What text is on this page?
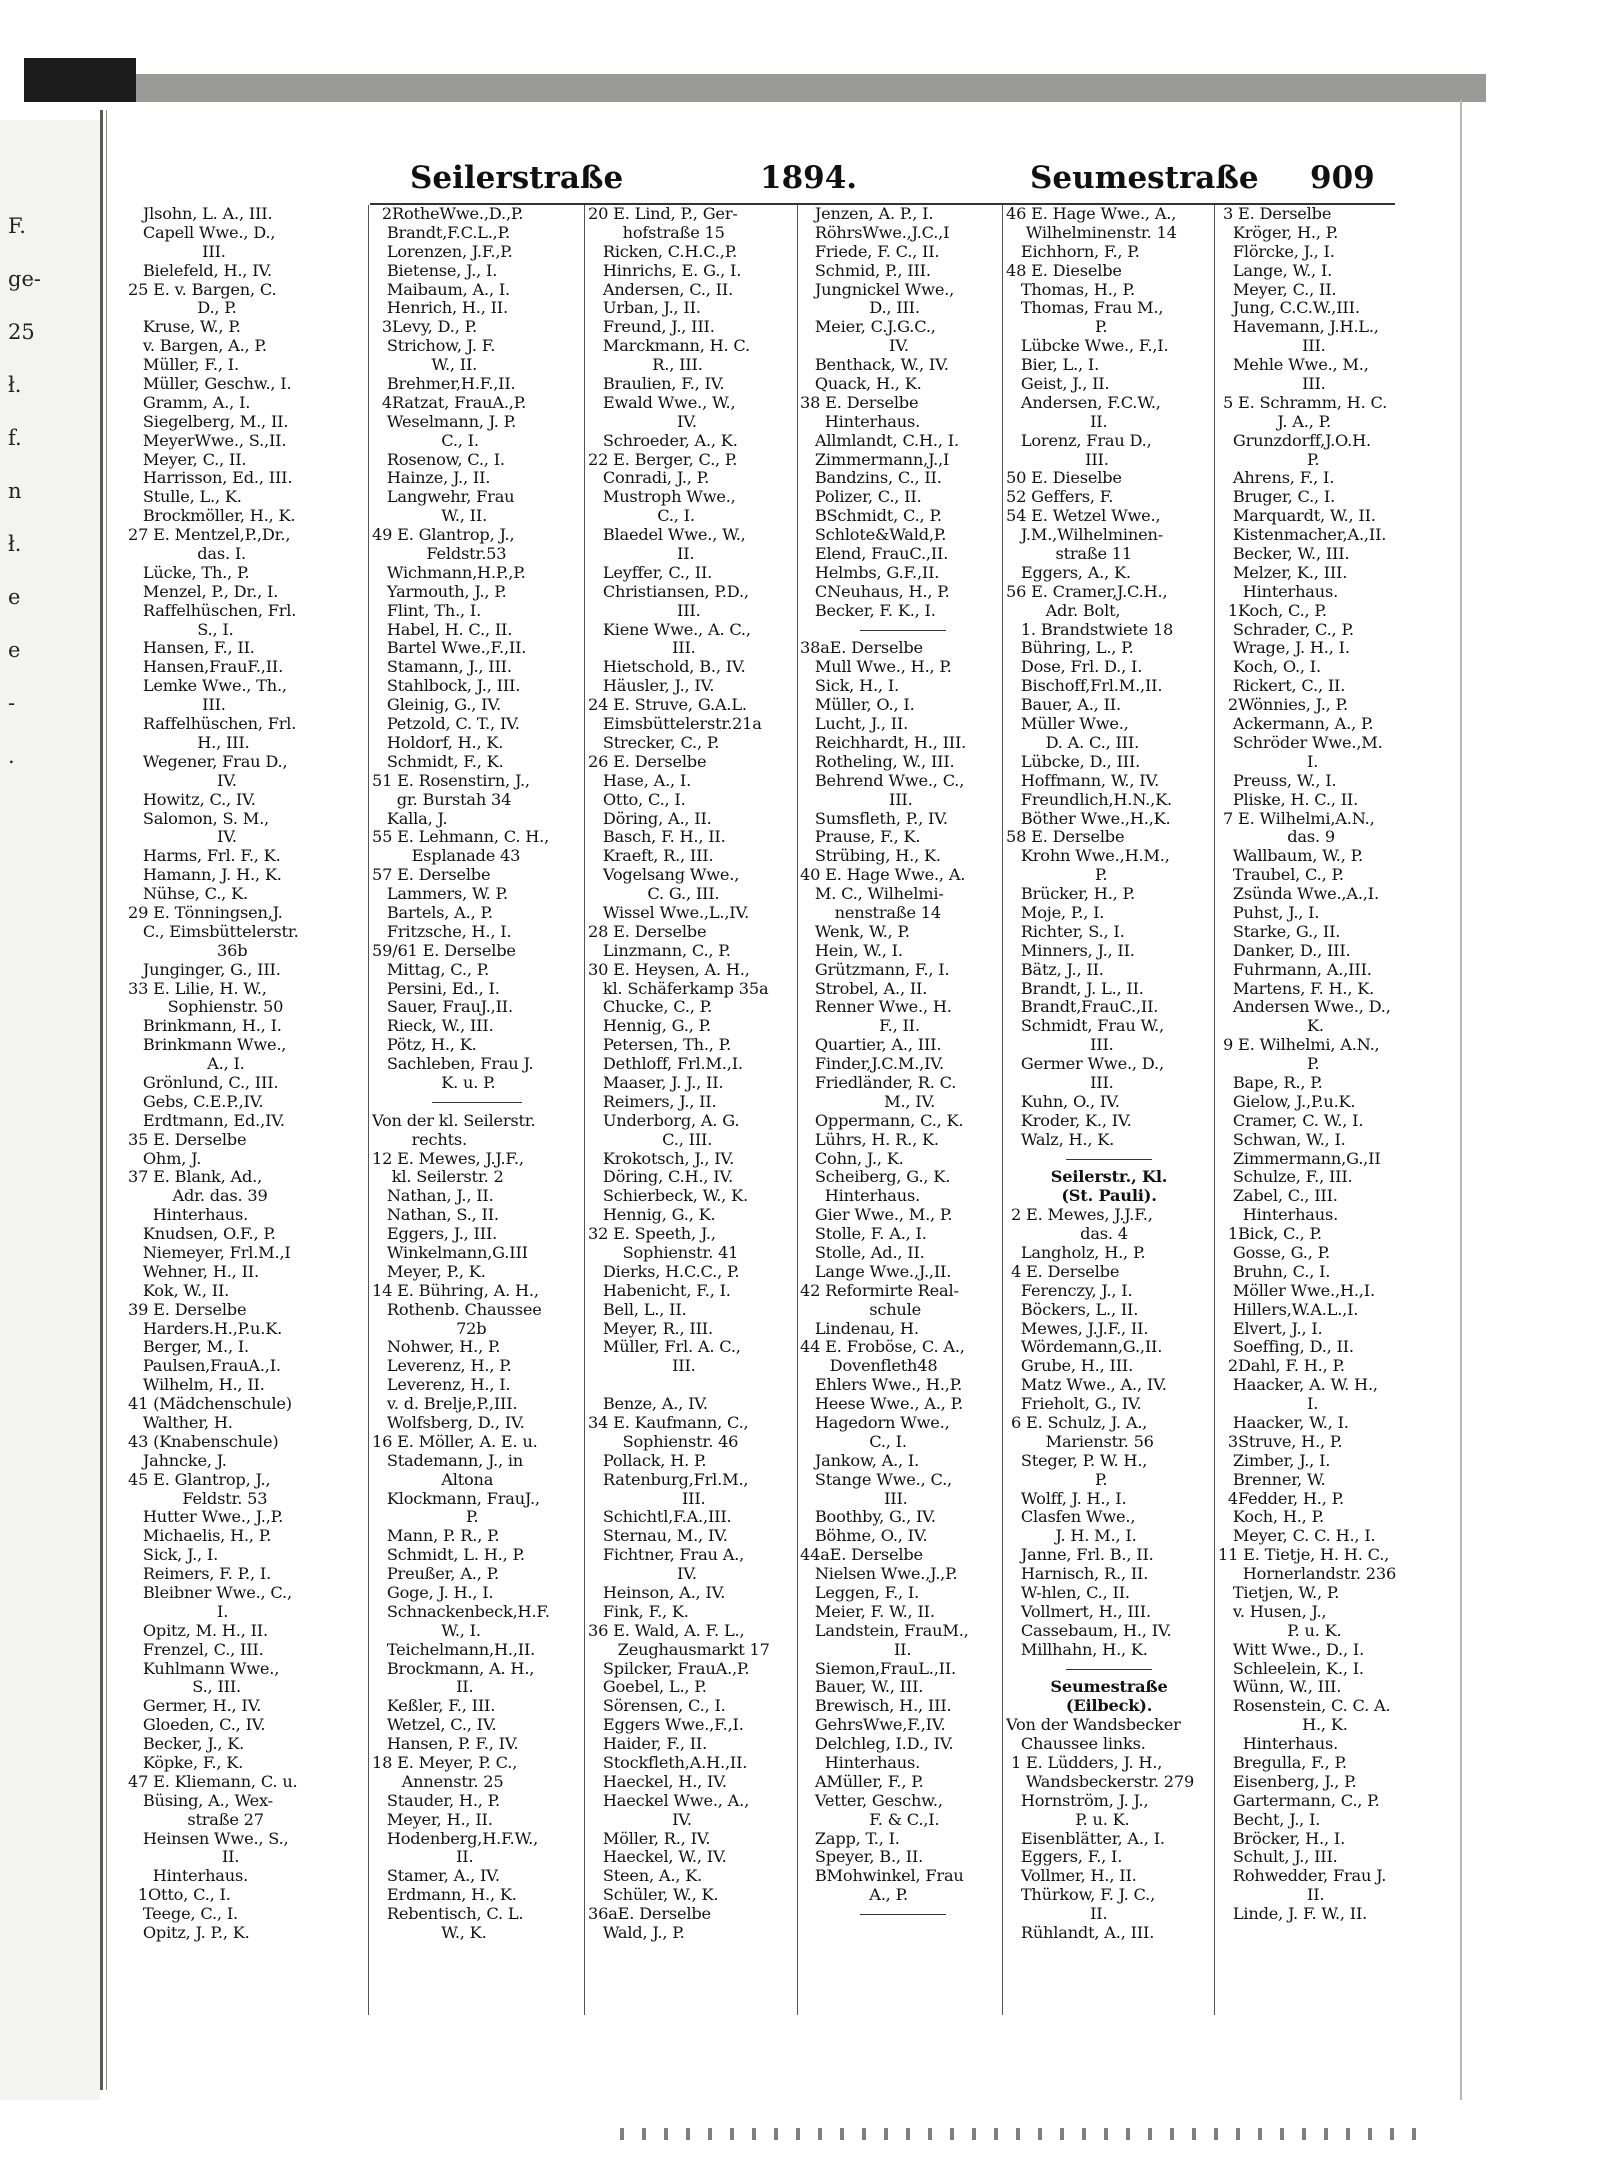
F.
ge-
25
ł.
f.
n
ł.
e
e
-
.
Seilerstraße	1894.	Seumestraße 909
Jlsohn, L. A., III.
Capell Wwe., D.,
III.
Bielefeld, H., IV.
25 E. v. Bargen, C.
D., P.
Kruse, W., P.
v. Bargen, A., P.
Müller, F., I.
Müller, Geschw., I.
Gramm, A., I.
Siegelberg, M., II.
MeyerWwe., S.,II.
Meyer, C., II.
Harrisson, Ed., III.
Stulle, L., K.
Brockmöller, H., K.
27 E. Mentzel,P.,Dr.,
das. I.
Lücke, Th., P.
Menzel, P., Dr., I.
Raffelhüschen, Frl.
S., I.
Hansen, F., II.
Hansen,FrauF.,II.
Lemke Wwe., Th.,
III.
Raffelhüschen, Frl.
H., III.
Wegener, Frau D.,
IV.
Howitz, C., IV.
Salomon, S. M.,
IV.
Harms, Frl. F., K.
Hamann, J. H., K.
Nühse, C., K.
29 E. Tönningsen,J.
C., Eimsbüttelerstr.
36b
Junginger, G., III.
33 E. Lilie, H. W.,
Sophienstr. 50
Brinkmann, H., I.
Brinkmann Wwe.,
A., I.
Grönlund, C., III.
Gebs, C.E.P.,IV.
Erdtmann, Ed.,IV.
35 E. Derselbe
Ohm, J.
37 E. Blank, Ad.,
Adr. das. 39
Hinterhaus.
Knudsen, O.F., P.
Niemeyer, Frl.M.,I
Wehner, H., II.
Kok, W., II.
39 E. Derselbe
Harders.H.,P.u.K.
Berger, M., I.
Paulsen,FrauA.,I.
Wilhelm, H., II.
41 (Mädchenschule)
Walther, H.
43 (Knabenschule)
Jahncke, J.
45 E. Glantrop, J.,
Feldstr. 53
Hutter Wwe., J.,P.
Michaelis, H., P.
Sick, J., I.
Reimers, F. P., I.
Bleibner Wwe., C.,
I.
Opitz, M. H., II.
Frenzel, C., III.
Kuhlmann Wwe.,
S., III.
Germer, H., IV.
Gloeden, C., IV.
Becker, J., K.
Köpke, F., K.
47 E. Kliemann, C. u.
Büsing, A., Wex-
straße 27
Heinsen Wwe., S.,
II.
Hinterhaus.
1Otto, C., I.
Teege, C., I.
Opitz, J. P., K.
2RotheWwe.,D.,P.
Brandt,F.C.L.,P.
Lorenzen, J.F.,P.
Bietense, J., I.
Maibaum, A., I.
Henrich, H., II.
3Levy, D., P.
Strichow, J. F.
W., II.
Brehmer,H.F.,II.
4Ratzat, FrauA.,P.
Weselmann, J. P.
C., I.
Rosenow, C., I.
Hainze, J., II.
Langwehr, Frau
W., II.
49 E. Glantrop, J.,
Feldstr.53
Wichmann,H.P.,P.
Yarmouth, J., P.
Flint, Th., I.
Habel, H. C., II.
Bartel Wwe.,F.,II.
Stamann, J., III.
Stahlbock, J., III.
Gleinig, G., IV.
Petzold, C. T., IV.
Holdorf, H., K.
Schmidt, F., K.
51 E. Rosenstirn, J.,
gr. Burstah 34
Kalla, J.
55 E. Lehmann, C. H.,
Esplanade 43
57 E. Derselbe
Lammers, W. P.
Bartels, A., P.
Fritzsche, H., I.
59/61 E. Derselbe
Mittag, C., P.
Persini, Ed., I.
Sauer, FrauJ.,II.
Rieck, W., III.
Pötz, H., K.
Sachleben, Frau J.
K. u. P.
Von der kl. Seilerstr.
rechts.
12 E. Mewes, J.J.F.,
kl. Seilerstr. 2
Nathan, J., II.
Nathan, S., II.
Eggers, J., III.
Winkelmann,G.III
Meyer, P., K.
14 E. Bühring, A. H.,
Rothenb. Chaussee
72b
Nohwer, H., P.
Leverenz, H., P.
Leverenz, H., I.
v. d. Brelje,P.,III.
Wolfsberg, D., IV.
16 E. Möller, A. E. u.
Stademann, J., in
Altona
Klockmann, FrauJ.,
P.
Mann, P. R., P.
Schmidt, L. H., P.
Preußer, A., P.
Goge, J. H., I.
Schnackenbeck,H.F.
W., I.
Teichelmann,H.,II.
Brockmann, A. H.,
II.
Keßler, F., III.
Wetzel, C., IV.
Hansen, P. F., IV.
18 E. Meyer, P. C.,
Annenstr. 25
Stauder, H., P.
Meyer, H., II.
Hodenberg,H.F.W.,
II.
Stamer, A., IV.
Erdmann, H., K.
Rebentisch, C. L.
W., K.
20 E. Lind, P., Ger-
hofstraße 15
Ricken, C.H.C.,P.
Hinrichs, E. G., I.
Andersen, C., II.
Urban, J., II.
Freund, J., III.
Marckmann, H. C.
R., III.
Braulien, F., IV.
Ewald Wwe., W.,
IV.
Schroeder, A., K.
22 E. Berger, C., P.
Conradi, J., P.
Mustroph Wwe.,
C., I.
Blaedel Wwe., W.,
II.
Leyffer, C., II.
Christiansen, P.D.,
III.
Kiene Wwe., A. C.,
III.
Hietschold, B., IV.
Häusler, J., IV.
24 E. Struve, G.A.L.
Eimsbüttelerstr.21a
Strecker, C., P.
26 E. Derselbe
Hase, A., I.
Otto, C., I.
Döring, A., II.
Basch, F. H., II.
Kraeft, R., III.
Vogelsang Wwe.,
C. G., III.
Wissel Wwe.,L.,IV.
28 E. Derselbe
Linzmann, C., P.
30 E. Heysen, A. H.,
kl. Schäferkamp 35a
Chucke, C., P.
Hennig, G., P.
Petersen, Th., P.
Dethloff, Frl.M.,I.
Maaser, J. J., II.
Reimers, J., II.
Underborg, A. G.
C., III.
Krokotsch, J., IV.
Döring, C.H., IV.
Schierbeck, W., K.
Hennig, G., K.
32 E. Speeth, J.,
Sophienstr. 41
Dierks, H.C.C., P.
Habenicht, F., I.
Bell, L., II.
Meyer, R., III.
Müller, Frl. A. C.,
III.
Benze, A., IV.
34 E. Kaufmann, C.,
Sophienstr. 46
Pollack, H. P.
Ratenburg,Frl.M.,
III.
Schichtl,F.A.,III.
Sternau, M., IV.
Fichtner, Frau A.,
IV.
Heinson, A., IV.
Fink, F., K.
36 E. Wald, A. F. L.,
Zeughausmarkt 17
Spilcker, FrauA.,P.
Goebel, L., P.
Sörensen, C., I.
Eggers Wwe.,F.,I.
Haider, F., II.
Stockfleth,A.H.,II.
Haeckel, H., IV.
Haeckel Wwe., A.,
IV.
Möller, R., IV.
Haeckel, W., IV.
Steen, A., K.
Schüler, W., K.
36aE. Derselbe
Wald, J., P.
Jenzen, A. P., I.
RöhrsWwe.,J.C.,I
Friede, F. C., II.
Schmid, P., III.
Jungnickel Wwe.,
D., III.
Meier, C.J.G.C.,
IV.
Benthack, W., IV.
Quack, H., K.
38 E. Derselbe
Hinterhaus.
Allmlandt, C.H., I.
Zimmermann,J.,I
Bandzins, C., II.
Polizer, C., II.
BSchmidt, C., P.
Schlote&Wald,P.
Elend, FrauC.,II.
Helmbs, G.F.,II.
CNeuhaus, H., P.
Becker, F. K., I.
38aE. Derselbe
Mull Wwe., H., P.
Sick, H., I.
Müller, O., I.
Lucht, J., II.
Reichhardt, H., III.
Rotheling, W., III.
Behrend Wwe., C.,
III.
Sumsfleth, P., IV.
Prause, F., K.
Strübing, H., K.
40 E. Hage Wwe., A.
M. C., Wilhelmi-
nenstraße 14
Wenk, W., P.
Hein, W., I.
Grützmann, F., I.
Strobel, A., II.
Renner Wwe., H.
F., II.
Quartier, A., III.
Finder,J.C.M.,IV.
Friedländer, R. C.
M., IV.
Oppermann, C., K.
Lührs, H. R., K.
Cohn, J., K.
Scheiberg, G., K.
Hinterhaus.
Gier Wwe., M., P.
Stolle, F. A., I.
Stolle, Ad., II.
Lange Wwe.,J.,II.
42 Reformirte Real-
schule
Lindenau, H.
44 E. Froböse, C. A.,
Dovenfleth48
Ehlers Wwe., H.,P.
Heese Wwe., A., P.
Hagedorn Wwe.,
C., I.
Jankow, A., I.
Stange Wwe., C.,
III.
Boothby, G., IV.
Böhme, O., IV.
44aE. Derselbe
Nielsen Wwe.,J.,P.
Leggen, F., I.
Meier, F. W., II.
Landstein, FrauM.,
II.
Siemon,FrauL.,II.
Bauer, W., III.
Brewisch, H., III.
GehrsWwe,F.,IV.
Delchleg, I.D., IV.
Hinterhaus.
AMüller, F., P.
Vetter, Geschw.,
F. & C.,I.
Zapp, T., I.
Speyer, B., II.
BMohwinkel, Frau
A., P.
46 E. Hage Wwe., A.,
Wilhelminenstr. 14
Eichhorn, F., P.
48 E. Dieselbe
Thomas, H., P.
Thomas, Frau M.,
P.
Lübcke Wwe., F.,I.
Bier, L., I.
Geist, J., II.
Andersen, F.C.W.,
II.
Lorenz, Frau D.,
III.
50 E. Dieselbe
52 Geffers, F.
54 E. Wetzel Wwe.,
J.M.,Wilhelminen-
straße 11
Eggers, A., K.
56 E. Cramer,J.C.H.,
Adr. Bolt,
1. Brandstwiete 18
Bühring, L., P.
Dose, Frl. D., I.
Bischoff,Frl.M.,II.
Bauer, A., II.
Müller Wwe.,
D. A. C., III.
Lübcke, D., III.
Hoffmann, W., IV.
Freundlich,H.N.,K.
Böther Wwe.,H.,K.
58 E. Derselbe
Krohn Wwe.,H.M.,
P.
Brücker, H., P.
Moje, P., I.
Richter, S., I.
Minners, J., II.
Bätz, J., II.
Brandt, J. L., II.
Brandt,FrauC.,II.
Schmidt, Frau W.,
III.
Germer Wwe., D.,
III.
Kuhn, O., IV.
Kroder, K., IV.
Walz, H., K.
Seilerstr., Kl.
(St. Pauli).
2 E. Mewes, J.J.F.,
das. 4
Langholz, H., P.
4 E. Derselbe
Ferenczy, J., I.
Böckers, L., II.
Mewes, J.J.F., II.
Wördemann,G.,II.
Grube, H., III.
Matz Wwe., A., IV.
Frieholt, G., IV.
6 E. Schulz, J. A.,
Marienstr. 56
Steger, P. W. H.,
P.
Wolff, J. H., I.
Clasfen Wwe.,
J. H. M., I.
Janne, Frl. B., II.
Harnisch, R., II.
W-hlen, C., II.
Vollmert, H., III.
Cassebaum, H., IV.
Millhahn, H., K.
Seumestraße
(Eilbeck).
Von der Wandsbecker
Chaussee links.
1 E. Lüdders, J. H.,
Wandsbeckerstr. 279
Hornström, J. J.,
P. u. K.
Eisenblätter, A., I.
Eggers, F., I.
Vollmer, H., II.
Thürkow, F. J. C.,
II.
Rühlandt, A., III.
3 E. Derselbe
Kröger, H., P.
Flörcke, J., I.
Lange, W., I.
Meyer, C., II.
Jung, C.C.W.,III.
Havemann, J.H.L.,
III.
Mehle Wwe., M.,
III.
5 E. Schramm, H. C.
J. A., P.
Grunzdorff,J.O.H.
P.
Ahrens, F., I.
Bruger, C., I.
Marquardt, W., II.
Kistenmacher,A.,II.
Becker, W., III.
Melzer, K., III.
Hinterhaus.
1Koch, C., P.
Schrader, C., P.
Wrage, J. H., I.
Koch, O., I.
Rickert, C., II.
2Wönnies, J., P.
Ackermann, A., P.
Schröder Wwe.,M.
I.
Preuss, W., I.
Pliske, H. C., II.
7 E. Wilhelmi,A.N.,
das. 9
Wallbaum, W., P.
Traubel, C., P.
Zsünda Wwe.,A.,I.
Puhst, J., I.
Starke, G., II.
Danker, D., III.
Fuhrmann, A.,III.
Martens, F. H., K.
Andersen Wwe., D.,
K.
9 E. Wilhelmi, A.N.,
P.
Bape, R., P.
Gielow, J.,P.u.K.
Cramer, C. W., I.
Schwan, W., I.
Zimmermann,G.,II
Schulze, F., III.
Zabel, C., III.
Hinterhaus.
1Bick, C., P.
Gosse, G., P.
Bruhn, C., I.
Möller Wwe.,H.,I.
Hillers,W.A.L.,I.
Elvert, J., I.
Soeffing, D., II.
2Dahl, F. H., P.
Haacker, A. W. H.,
I.
Haacker, W., I.
3Struve, H., P.
Zimber, J., I.
Brenner, W.
4Fedder, H., P.
Koch, H., P.
Meyer, C. C. H., I.
11 E. Tietje, H. H. C.,
Hornerlandstr. 236
Tietjen, W., P.
v. Husen, J.,
P. u. K.
Witt Wwe., D., I.
Schleelein, K., I.
Wünn, W., III.
Rosenstein, C. C. A.
H., K.
Hinterhaus.
Bregulla, F., P.
Eisenberg, J., P.
Gartermann, C., P.
Becht, J., I.
Bröcker, H., I.
Schult, J., III.
Rohwedder, Frau J.
II.
Linde, J. F. W., II.
